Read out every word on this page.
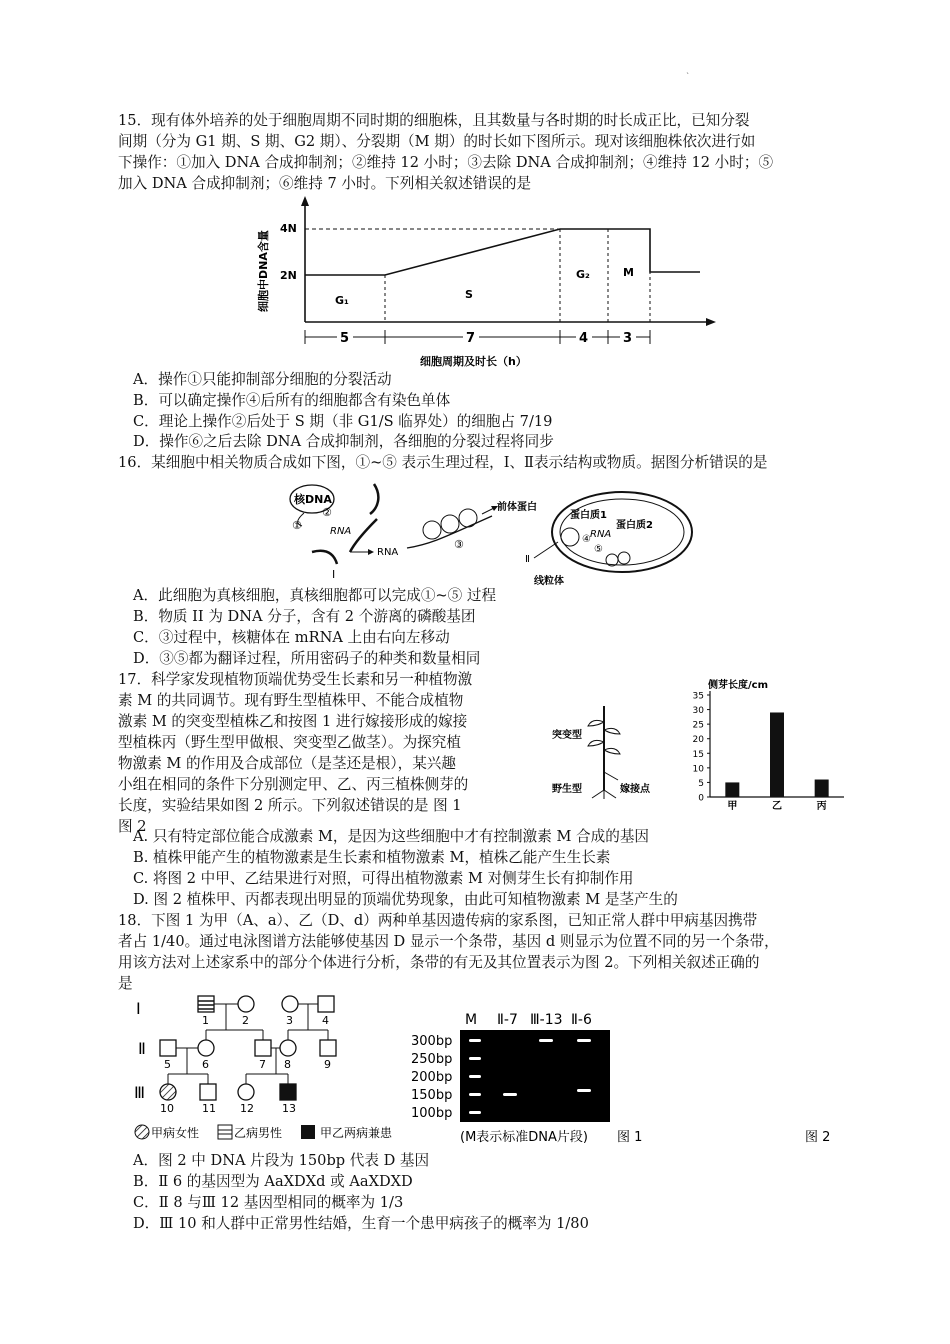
ˋ
15．现有体外培养的处于细胞周期不同时期的细胞株，且其数量与各时期的时长成正比，已知分裂
间期（分为 G1 期、S 期、G2 期）、分裂期（M 期）的时长如下图所示。现对该细胞株依次进行如
下操作：①加入 DNA 合成抑制剂；②维持 12 小时；③去除 DNA 合成抑制剂；④维持 12 小时；⑤
加入 DNA 合成抑制剂；⑥维持 7 小时。下列相关叙述错误的是
细胞中DNA含量
4N
2N
G₁	S
G₂	M
5	7	4	3
细胞周期及时长（h）
A．操作①只能抑制部分细胞的分裂活动
B．可以确定操作④后所有的细胞都含有染色单体
C．理论上操作②后处于 S 期（非 G1/S 临界处）的细胞占 7/19
D．操作⑥之后去除 DNA 合成抑制剂，各细胞的分裂过程将同步
16．某细胞中相关物质合成如下图，①~⑤ 表示生理过程，Ⅰ、Ⅱ表示结构或物质。据图分析错误的是
核DNA
①
②
RNA
Ⅰ
RNA
③
前体蛋白
蛋白质1
蛋白质2
④ RNA
⑤
Ⅱ
线粒体
A．此细胞为真核细胞，真核细胞都可以完成①~⑤ 过程
B．物质 II 为 DNA 分子，含有 2 个游离的磷酸基团
C．③过程中，核糖体在 mRNA 上由右向左移动
D．③⑤都为翻译过程，所用密码子的种类和数量相同
17．科学家发现植物顶端优势受生长素和另一种植物激
素 M 的共同调节。现有野生型植株甲、不能合成植物
激素 M 的突变型植株乙和按图 1 进行嫁接形成的嫁接
型植株丙（野生型甲做根、突变型乙做茎）。为探究植
物激素 M 的作用及合成部位（是茎还是根），某兴趣
小组在相同的条件下分别测定甲、乙、丙三植株侧芽的
长度，实验结果如图 2 所示。下列叙述错误的是 图 1
图 2
突变型
野生型	嫁接点
侧芽长度/cm
0
5
10
15
20
25
30
35
甲	乙	丙
A. 只有特定部位能合成激素 M，是因为这些细胞中才有控制激素 M 合成的基因
B. 植株甲能产生的植物激素是生长素和植物激素 M，植株乙能产生生长素
C. 将图 2 中甲、乙结果进行对照，可得出植物激素 M 对侧芽生长有抑制作用
D. 图 2 植株甲、丙都表现出明显的顶端优势现象，由此可知植物激素 M 是茎产生的
18．下图 1 为甲（A、a）、乙（D、d）两种单基因遗传病的家系图，已知正常人群中甲病基因携带
者占 1/40。通过电泳图谱方法能够使基因 D 显示一个条带，基因 d 则显示为位置不同的另一个条带，
用该方法对上述家系中的部分个体进行分析，条带的有无及其位置表示为图 2。下列相关叙述正确的
是
Ⅰ
Ⅱ
Ⅲ
1	2	3	4
5	6	7 8	9
10	11 12	13
甲病女性	乙病男性	甲乙两病兼患
M Ⅱ-7 Ⅲ-13 Ⅱ-6
300bp
250bp
200bp
150bp
100bp
(M表示标准DNA片段) 图 1	图 2
A．图 2 中 DNA 片段为 150bp 代表 D 基因
B．Ⅱ 6 的基因型为 AaXDXd 或 AaXDXD
C．Ⅱ 8 与Ⅲ 12 基因型相同的概率为 1/3
D．Ⅲ 10 和人群中正常男性结婚，生育一个患甲病孩子的概率为 1/80
